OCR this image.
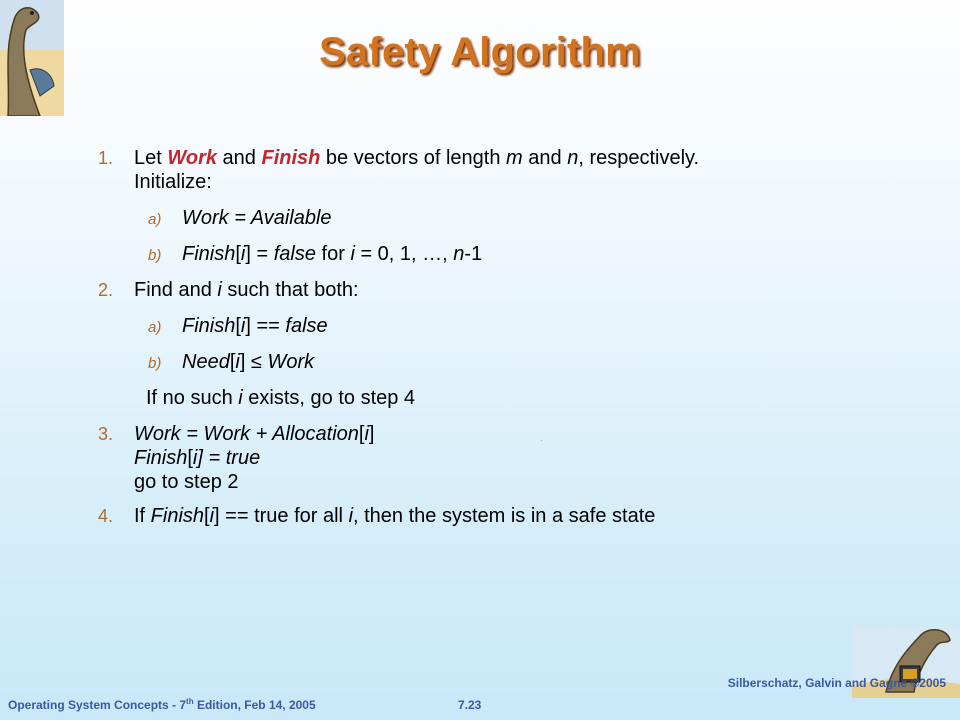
Safety Algorithm
1. Let Work and Finish be vectors of length m and n, respectively.
Initialize:
a) Work = Available
b) Finish[i] = false for i = 0, 1, …, n-1
2. Find and i such that both:
a) Finish[i] == false
b) Need[i] ≤ Work
If no such i exists, go to step 4
3. Work = Work + Allocation[i]
Finish[i] = true
go to step 2
4. If Finish[i] == true for all i, then the system is in a safe state
Operating System Concepts - 7th Edition, Feb 14, 2005	7.23
Silberschatz, Galvin and Gagne ©2005
